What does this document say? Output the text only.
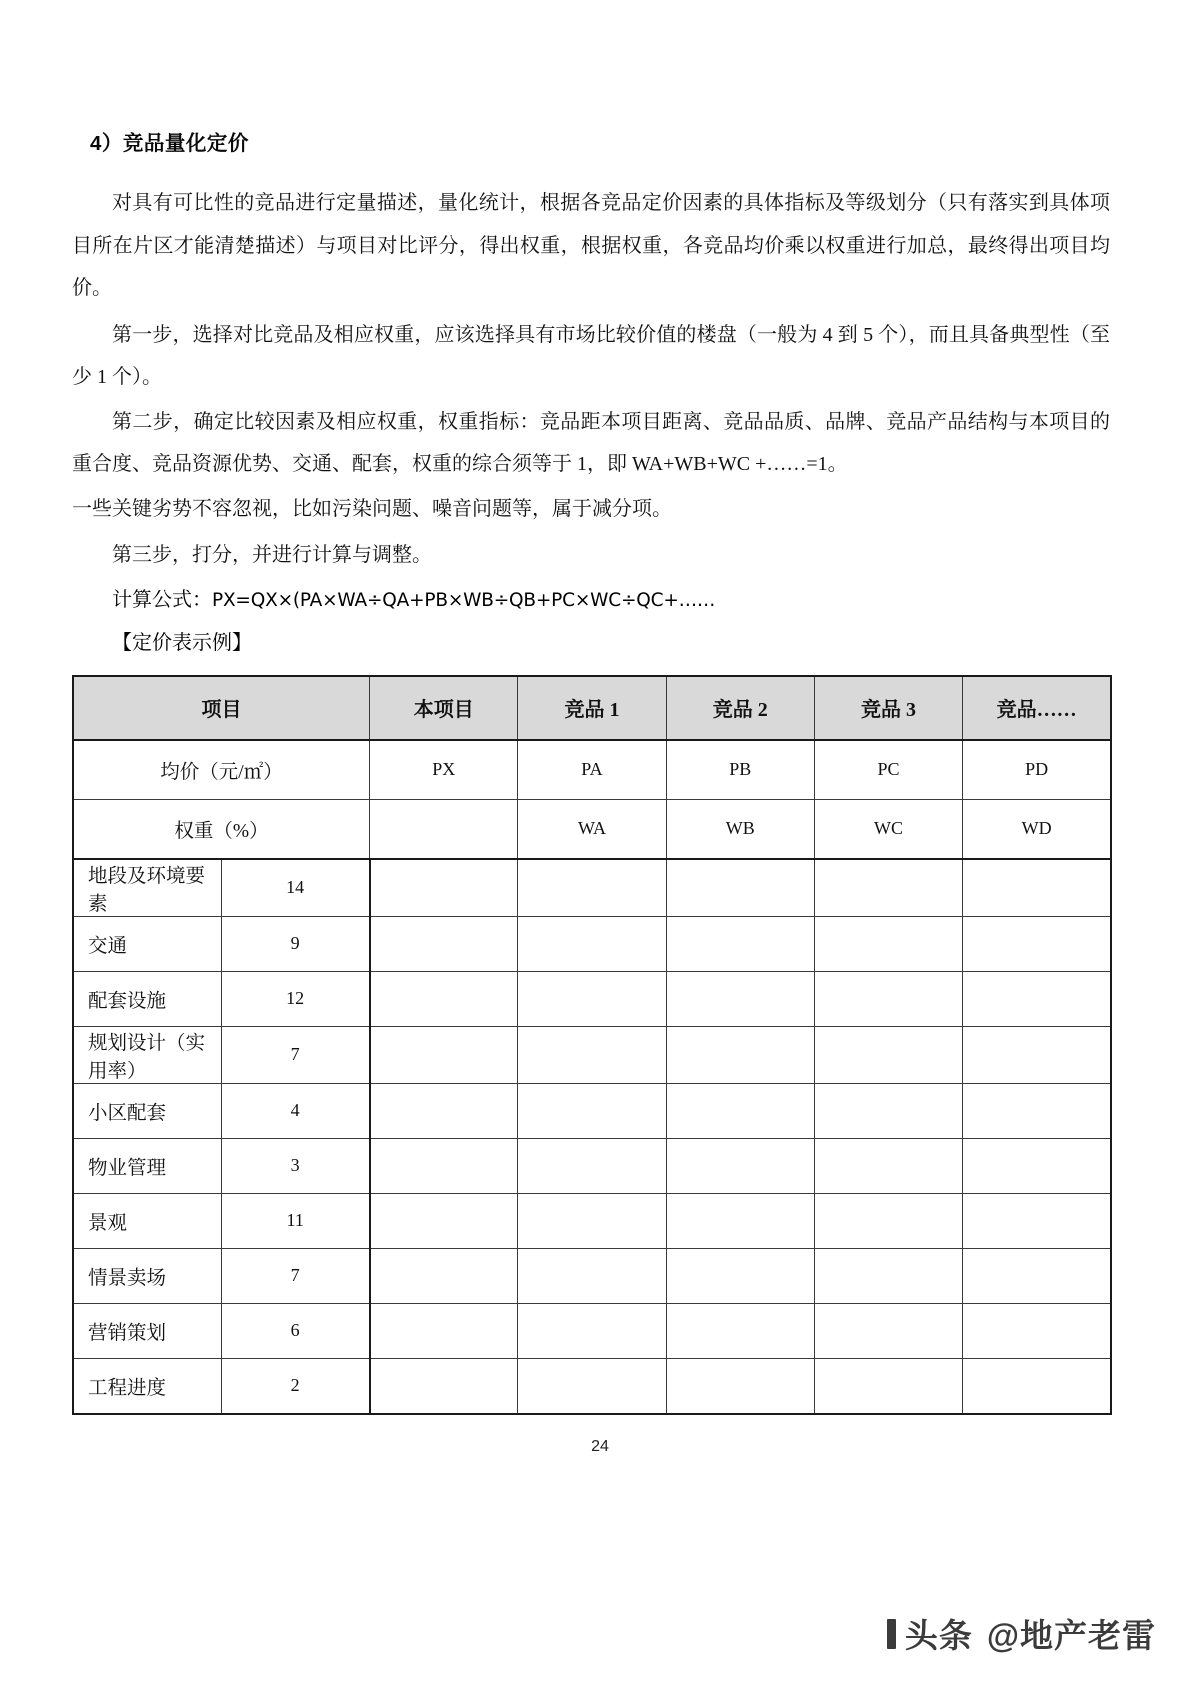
4）竞品量化定价

对具有可比性的竞品进行定量描述，量化统计，根据各竞品定价因素的具体指标及等级划分（只有落实到具体项目所在片区才能清楚描述）与项目对比评分，得出权重，根据权重，各竞品均价乘以权重进行加总，最终得出项目均价。

第一步，选择对比竞品及相应权重，应该选择具有市场比较价值的楼盘（一般为 4 到 5 个），而且具备典型性（至少 1 个）。

第二步，确定比较因素及相应权重，权重指标：竞品距本项目距离、竞品品质、品牌、竞品产品结构与本项目的重合度、竞品资源优势、交通、配套，权重的综合须等于 1，即 WA+WB+WC +……=1。

一些关键劣势不容忽视，比如污染问题、噪音问题等，属于减分项。

第三步，打分，并进行计算与调整。

计算公式：PX=QX×(PA×WA÷QA+PB×WB÷QB+PC×WC÷QC+……

【定价表示例】

项目		本项目	竞品 1	竞品 2	竞品 3	竞品……
均价（元/㎡）		PX	PA	PB	PC	PD
权重（%）			WA	WB	WC	WD
地段及环境要素	14					
交通	9					
配套设施	12					
规划设计（实用率）	7					
小区配套	4					
物业管理	3					
景观	11					
情景卖场	7					
营销策划	6					
工程进度	2					
24
头条 @地产老雷
